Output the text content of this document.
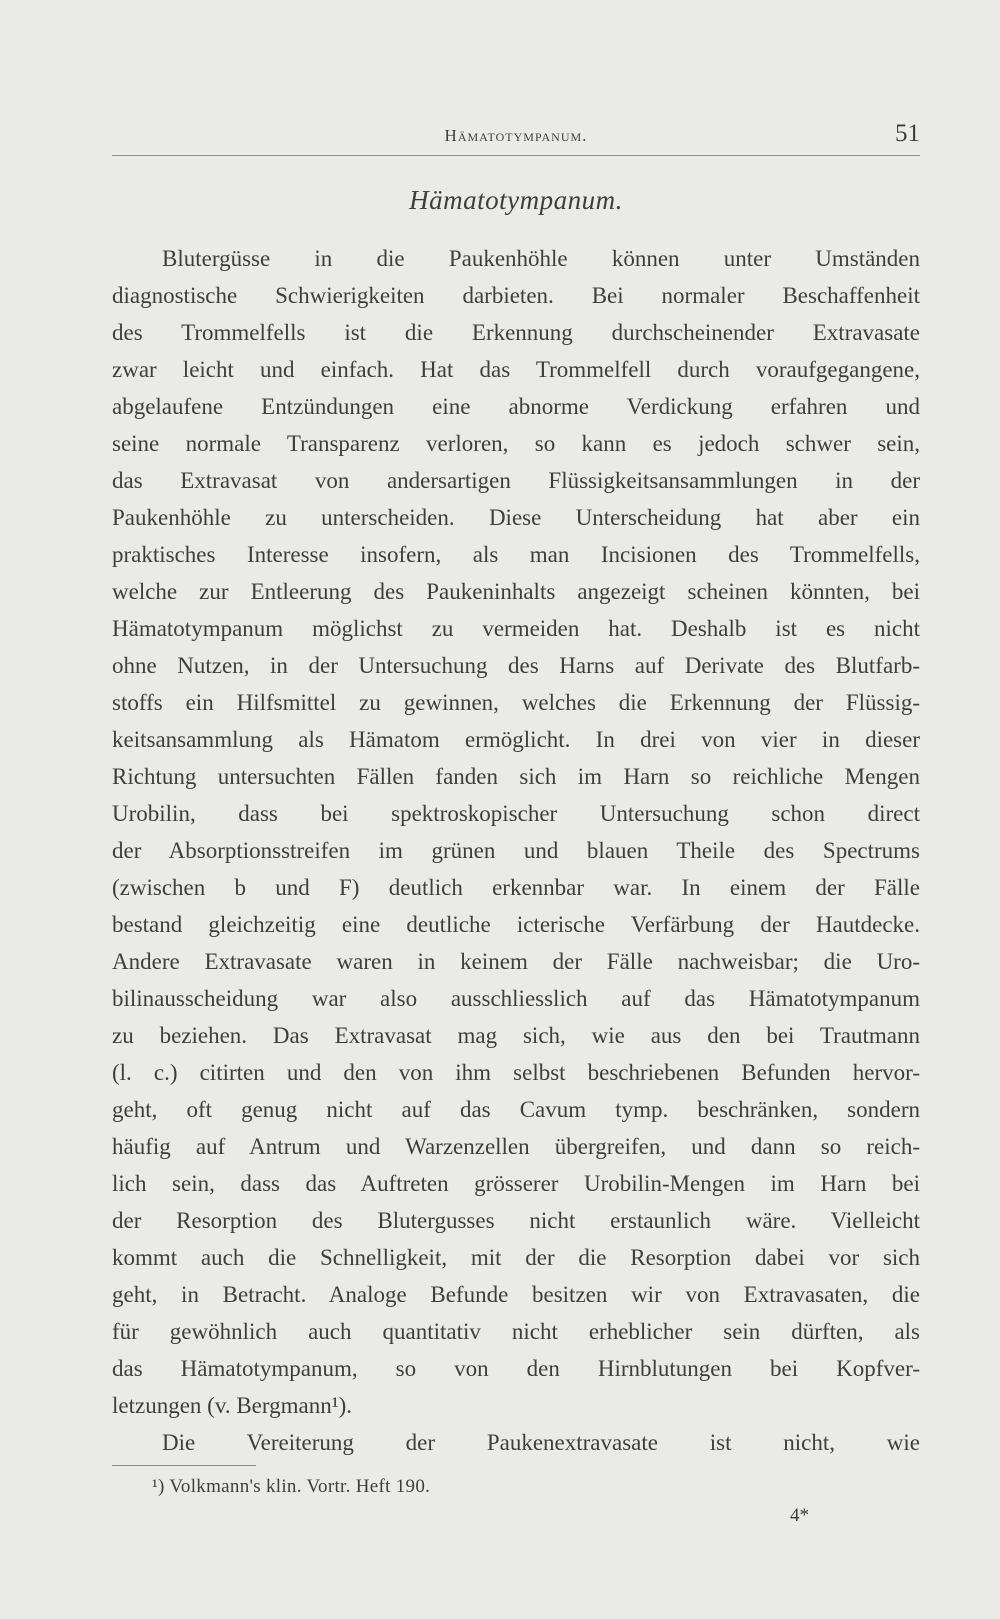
Hämatotympanum.	51
Hämatotympanum.
Blutergüsse in die Paukenhöhle können unter Umständen
diagnostische Schwierigkeiten darbieten. Bei normaler Beschaffenheit
des Trommelfells ist die Erkennung durchscheinender Extravasate
zwar leicht und einfach. Hat das Trommelfell durch voraufgegangene,
abgelaufene Entzündungen eine abnorme Verdickung erfahren und
seine normale Transparenz verloren, so kann es jedoch schwer sein,
das Extravasat von andersartigen Flüssigkeitsansammlungen in der
Paukenhöhle zu unterscheiden. Diese Unterscheidung hat aber ein
praktisches Interesse insofern, als man Incisionen des Trommelfells,
welche zur Entleerung des Paukeninhalts angezeigt scheinen könnten, bei
Hämatotympanum möglichst zu vermeiden hat. Deshalb ist es nicht
ohne Nutzen, in der Untersuchung des Harns auf Derivate des Blutfarb-
stoffs ein Hilfsmittel zu gewinnen, welches die Erkennung der Flüssig-
keitsansammlung als Hämatom ermöglicht. In drei von vier in dieser
Richtung untersuchten Fällen fanden sich im Harn so reichliche Mengen
Urobilin, dass bei spektroskopischer Untersuchung schon direct
der Absorptionsstreifen im grünen und blauen Theile des Spectrums
(zwischen b und F) deutlich erkennbar war. In einem der Fälle
bestand gleichzeitig eine deutliche icterische Verfärbung der Hautdecke.
Andere Extravasate waren in keinem der Fälle nachweisbar; die Uro-
bilinausscheidung war also ausschliesslich auf das Hämatotympanum
zu beziehen. Das Extravasat mag sich, wie aus den bei Trautmann
(l. c.) citirten und den von ihm selbst beschriebenen Befunden hervor-
geht, oft genug nicht auf das Cavum tymp. beschränken, sondern
häufig auf Antrum und Warzenzellen übergreifen, und dann so reich-
lich sein, dass das Auftreten grösserer Urobilin-Mengen im Harn bei
der Resorption des Blutergusses nicht erstaunlich wäre. Vielleicht
kommt auch die Schnelligkeit, mit der die Resorption dabei vor sich
geht, in Betracht. Analoge Befunde besitzen wir von Extravasaten, die
für gewöhnlich auch quantitativ nicht erheblicher sein dürften, als
das Hämatotympanum, so von den Hirnblutungen bei Kopfver-
letzungen (v. Bergmann¹).
Die Vereiterung der Paukenextravasate ist nicht, wie
¹) Volkmann's klin. Vortr. Heft 190.
4*
